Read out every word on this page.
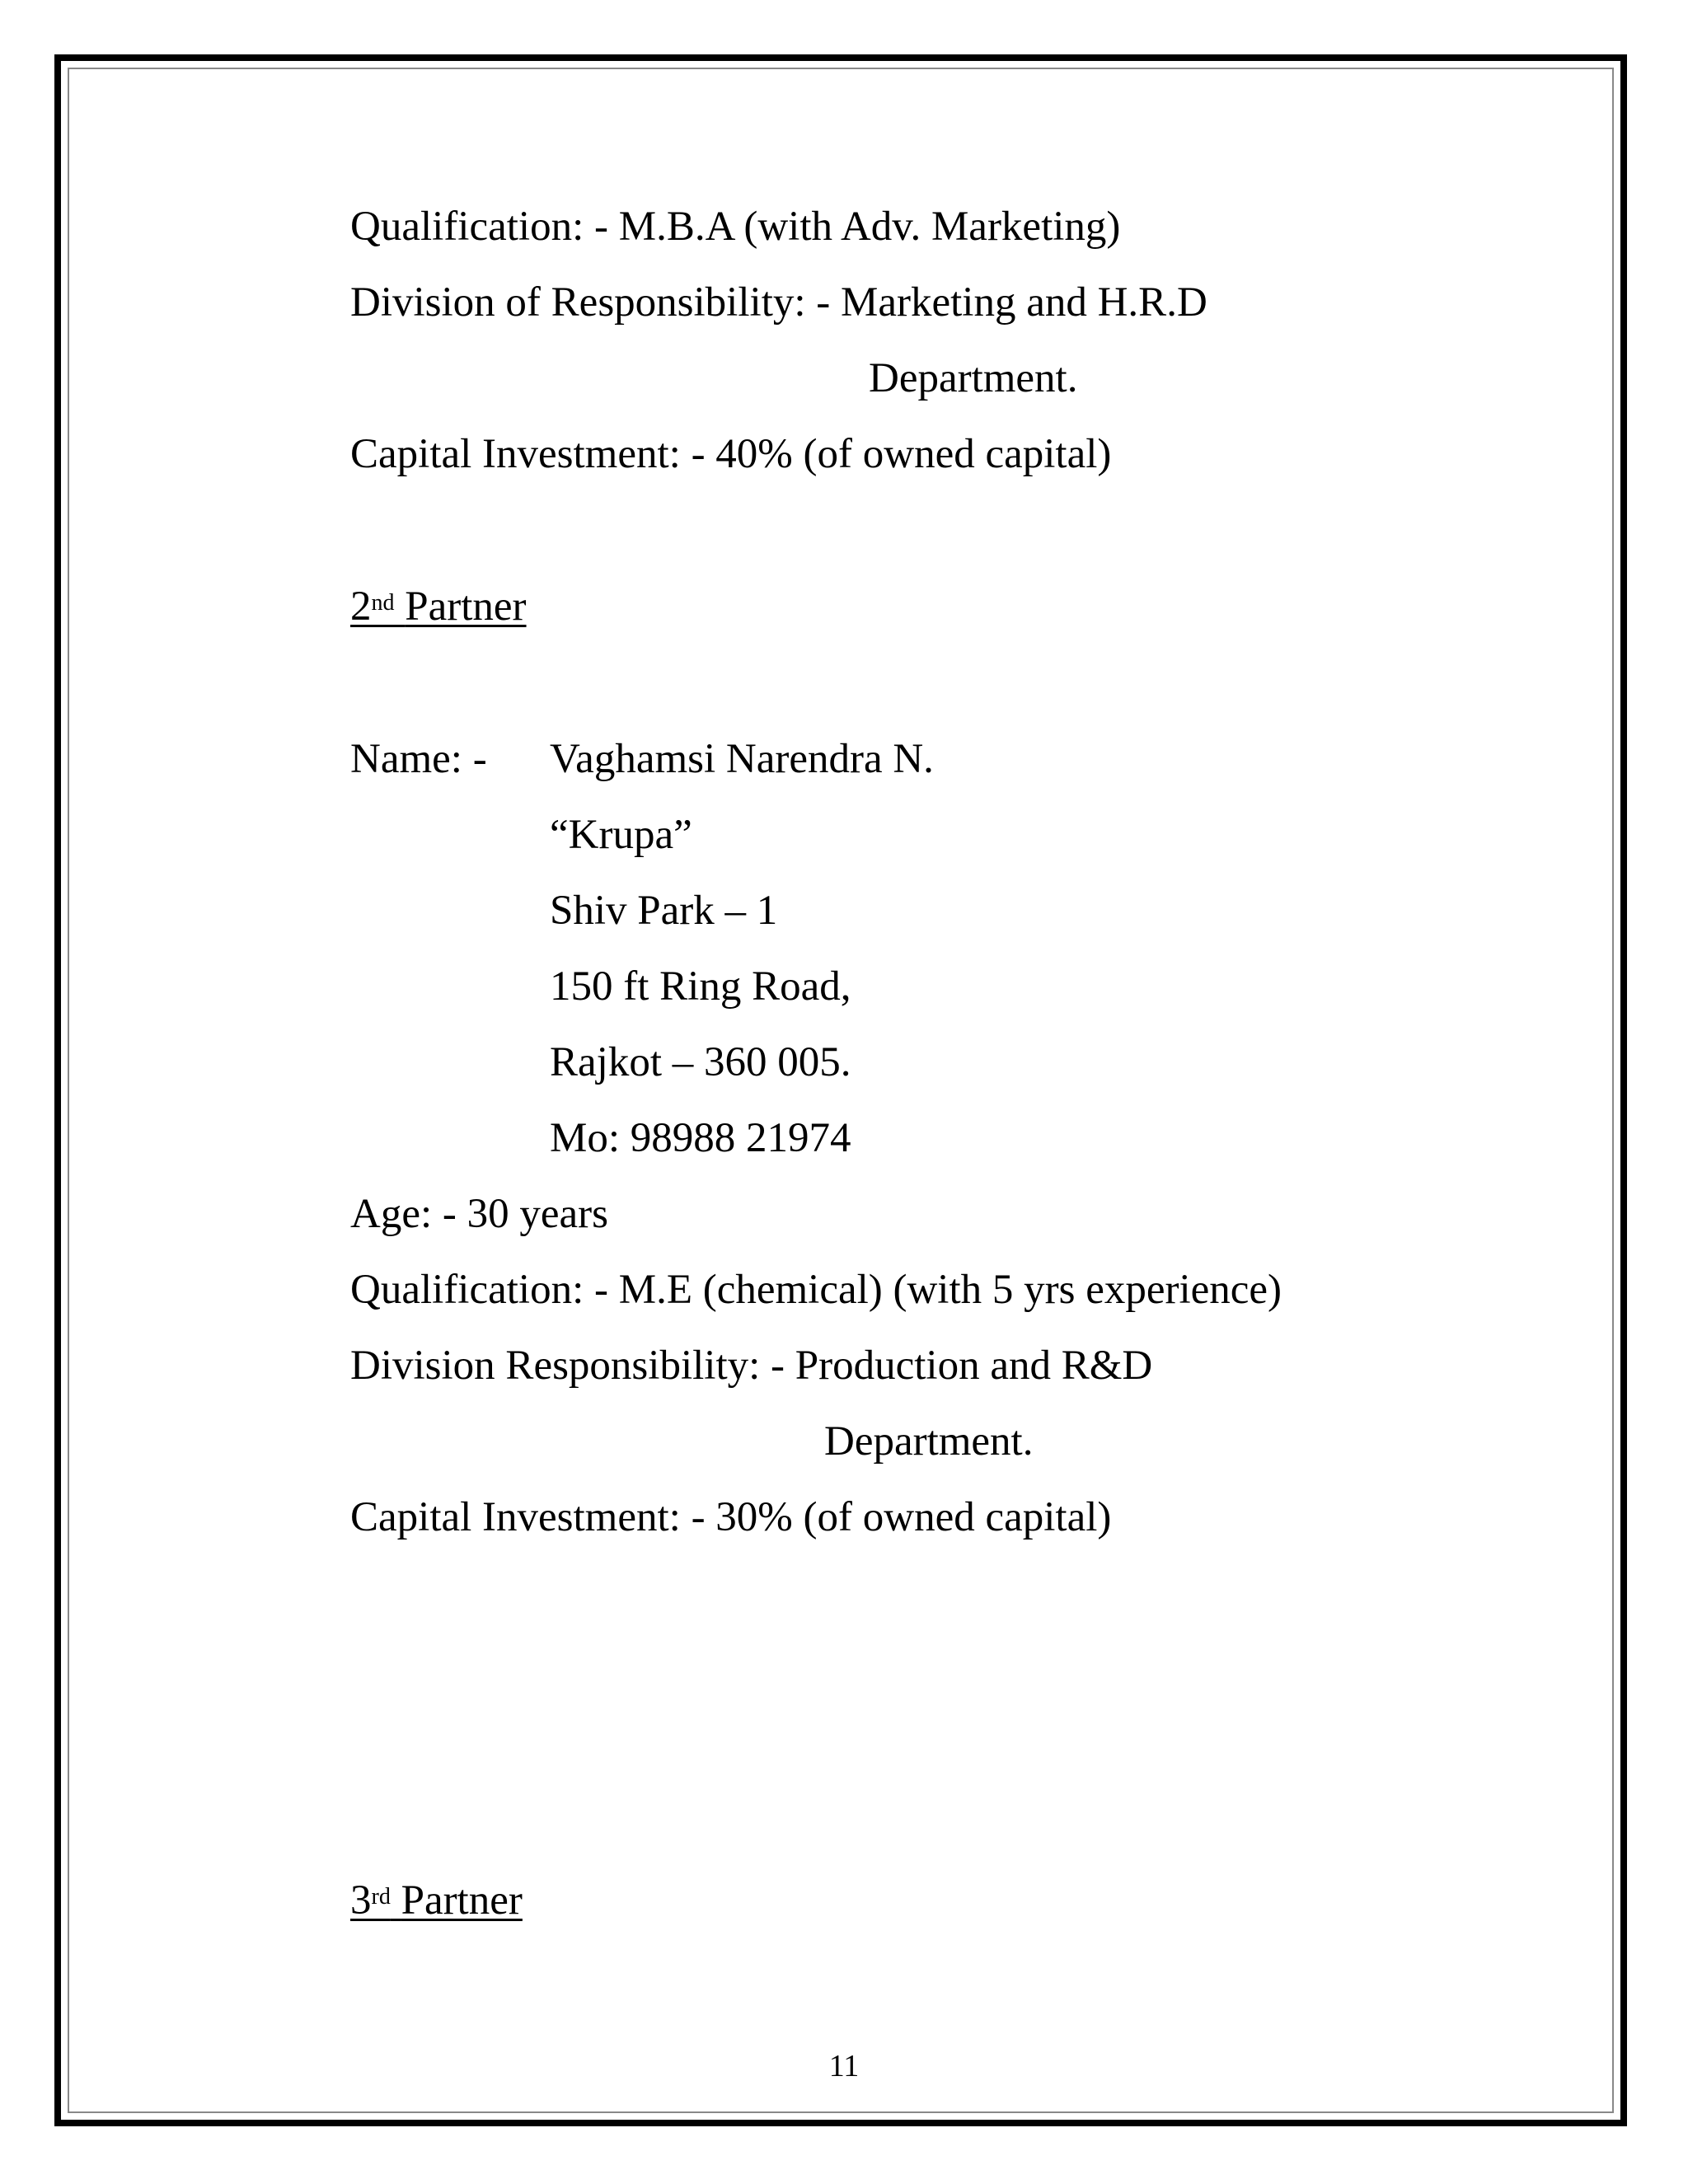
Qualification: - M.B.A (with Adv. Marketing)
Division of Responsibility: - Marketing and H.R.D
Department.
Capital Investment: - 40% (of owned capital)
2nd Partner
Name: - Vaghamsi Narendra N.
“Krupa”
Shiv Park – 1
150 ft Ring Road,
Rajkot – 360 005.
Mo: 98988 21974
Age: - 30 years
Qualification: - M.E (chemical) (with 5 yrs experience)
Division Responsibility: - Production and R&D
Department.
Capital Investment: - 30% (of owned capital)
3rd Partner
11
